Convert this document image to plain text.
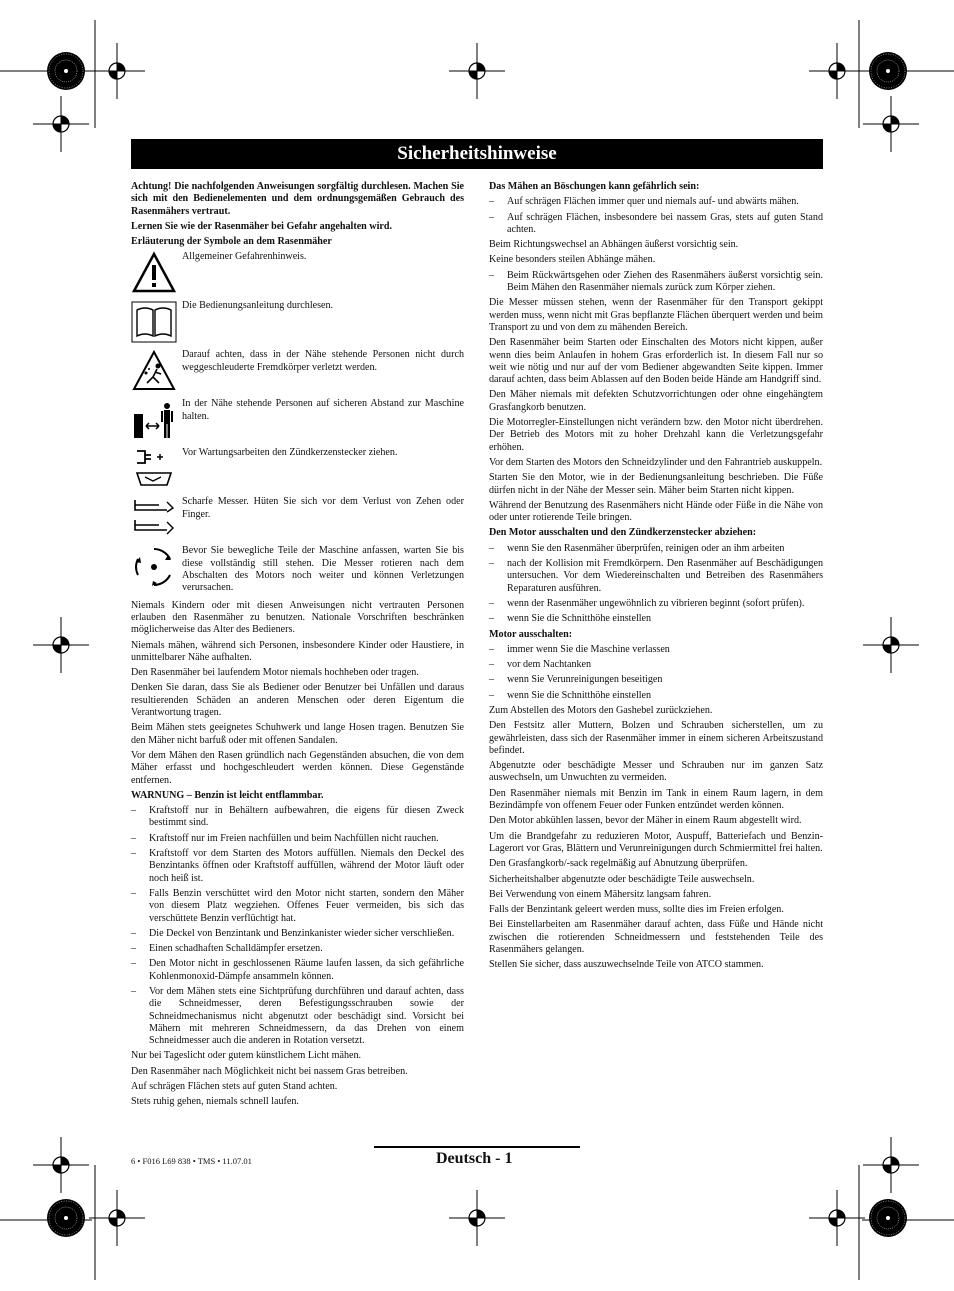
Sicherheitshinweise

Achtung! Die nachfolgenden Anweisungen sorgfältig durchlesen. Machen Sie sich mit den Bedienelementen und dem ordnungsgemäßen Gebrauch des Rasenmähers vertraut.

Lernen Sie wie der Rasenmäher bei Gefahr angehalten wird.

Erläuterung der Symbole an dem Rasenmäher

Allgemeiner Gefahrenhinweis.
Die Bedienungsanleitung durchlesen.
Darauf achten, dass in der Nähe stehende Personen nicht durch weggeschleuderte Fremdkörper verletzt werden.
In der Nähe stehende Personen auf sicheren Abstand zur Maschine halten.
Vor Wartungsarbeiten den Zündkerzenstecker ziehen.
Scharfe Messer. Hüten Sie sich vor dem Verlust von Zehen oder Finger.
Bevor Sie bewegliche Teile der Maschine anfassen, warten Sie bis diese vollständig still stehen. Die Messer rotieren nach dem Abschalten des Motors noch weiter und können Verletzungen verursachen.

Niemals Kindern oder mit diesen Anweisungen nicht vertrauten Personen erlauben den Rasenmäher zu benutzen. Nationale Vorschriften beschränken möglicherweise das Alter des Bedieners.

Niemals mähen, während sich Personen, insbesondere Kinder oder Haustiere, in unmittelbarer Nähe aufhalten.

Den Rasenmäher bei laufendem Motor niemals hochheben oder tragen.

Denken Sie daran, dass Sie als Bediener oder Benutzer bei Unfällen und daraus resultierenden Schäden an anderen Menschen oder deren Eigentum die Verantwortung tragen.

Beim Mähen stets geeignetes Schuhwerk und lange Hosen tragen. Benutzen Sie den Mäher nicht barfuß oder mit offenen Sandalen.

Vor dem Mähen den Rasen gründlich nach Gegenständen absuchen, die von dem Mäher erfasst und hochgeschleudert werden können. Diese Gegenstände entfernen.

WARNUNG – Benzin ist leicht entflammbar.

– Kraftstoff nur in Behältern aufbewahren, die eigens für diesen Zweck bestimmt sind.
– Kraftstoff nur im Freien nachfüllen und beim Nachfüllen nicht rauchen.
– Kraftstoff vor dem Starten des Motors auffüllen. Niemals den Deckel des Benzintanks öffnen oder Kraftstoff auffüllen, während der Motor läuft oder noch heiß ist.
– Falls Benzin verschüttet wird den Motor nicht starten, sondern den Mäher von diesem Platz wegziehen. Offenes Feuer vermeiden, bis sich das verschüttete Benzin verflüchtigt hat.
– Die Deckel von Benzintank und Benzinkanister wieder sicher verschließen.
– Einen schadhaften Schalldämpfer ersetzen.
– Den Motor nicht in geschlossenen Räume laufen lassen, da sich gefährliche Kohlenmonoxid-Dämpfe ansammeln können.
– Vor dem Mähen stets eine Sichtprüfung durchführen und darauf achten, dass die Schneidmesser, deren Befestigungsschrauben sowie der Schneidmechanismus nicht abgenutzt oder beschädigt sind. Vorsicht bei Mähern mit mehreren Schneidmessern, da das Drehen von einem Schneidmesser auch die anderen in Rotation versetzt.

Nur bei Tageslicht oder gutem künstlichem Licht mähen.

Den Rasenmäher nach Möglichkeit nicht bei nassem Gras betreiben.

Auf schrägen Flächen stets auf guten Stand achten.

Stets ruhig gehen, niemals schnell laufen.

Das Mähen an Böschungen kann gefährlich sein:

– Auf schrägen Flächen immer quer und niemals auf- und abwärts mähen.
– Auf schrägen Flächen, insbesondere bei nassem Gras, stets auf guten Stand achten.

Beim Richtungswechsel an Abhängen äußerst vorsichtig sein.

Keine besonders steilen Abhänge mähen.

– Beim Rückwärtsgehen oder Ziehen des Rasenmähers äußerst vorsichtig sein. Beim Mähen den Rasenmäher niemals zurück zum Körper ziehen.

Die Messer müssen stehen, wenn der Rasenmäher für den Transport gekippt werden muss, wenn nicht mit Gras bepflanzte Flächen überquert werden und beim Transport zu und von dem zu mähenden Bereich.

Den Rasenmäher beim Starten oder Einschalten des Motors nicht kippen, außer wenn dies beim Anlaufen in hohem Gras erforderlich ist. In diesem Fall nur so weit wie nötig und nur auf der vom Bediener abgewandten Seite kippen. Immer darauf achten, dass beim Ablassen auf den Boden beide Hände am Handgriff sind.

Den Mäher niemals mit defekten Schutzvorrichtungen oder ohne eingehängtem Grasfangkorb benutzen.

Die Motorregler-Einstellungen nicht verändern bzw. den Motor nicht überdrehen. Der Betrieb des Motors mit zu hoher Drehzahl kann die Verletzungsgefahr erhöhen.

Vor dem Starten des Motors den Schneidzylinder und den Fahrantrieb auskuppeln.

Starten Sie den Motor, wie in der Bedienungsanleitung beschrieben. Die Füße dürfen nicht in der Nähe der Messer sein. Mäher beim Starten nicht kippen.

Während der Benutzung des Rasenmähers nicht Hände oder Füße in die Nähe von oder unter rotierende Teile bringen.

Den Motor ausschalten und den Zündkerzenstecker abziehen:

– wenn Sie den Rasenmäher überprüfen, reinigen oder an ihm arbeiten
– nach der Kollision mit Fremdkörpern. Den Rasenmäher auf Beschädigungen untersuchen. Vor dem Wiedereinschalten und Betreiben des Rasenmähers Reparaturen ausführen.
– wenn der Rasenmäher ungewöhnlich zu vibrieren beginnt (sofort prüfen).
– wenn Sie die Schnitthöhe einstellen

Motor ausschalten:

– immer wenn Sie die Maschine verlassen
– vor dem Nachtanken
– wenn Sie Verunreinigungen beseitigen
– wenn Sie die Schnitthöhe einstellen

Zum Abstellen des Motors den Gashebel zurückziehen.

Den Festsitz aller Muttern, Bolzen und Schrauben sicherstellen, um zu gewährleisten, dass sich der Rasenmäher immer in einem sicheren Arbeitszustand befindet.

Abgenutzte oder beschädigte Messer und Schrauben nur im ganzen Satz auswechseln, um Unwuchten zu vermeiden.

Den Rasenmäher niemals mit Benzin im Tank in einem Raum lagern, in dem Bezindämpfe von offenem Feuer oder Funken entzündet werden können.

Den Motor abkühlen lassen, bevor der Mäher in einem Raum abgestellt wird.

Um die Brandgefahr zu reduzieren Motor, Auspuff, Batteriefach und Benzin-Lagerort vor Gras, Blättern und Verunreinigungen durch Schmiermittel frei halten.

Den Grasfangkorb/-sack regelmäßig auf Abnutzung überprüfen.

Sicherheitshalber abgenutzte oder beschädigte Teile auswechseln.

Bei Verwendung von einem Mähersitz langsam fahren.

Falls der Benzintank geleert werden muss, sollte dies im Freien erfolgen.

Bei Einstellarbeiten am Rasenmäher darauf achten, dass Füße und Hände nicht zwischen die rotierenden Schneidmessern und feststehenden Teile des Rasenmähers gelangen.

Stellen Sie sicher, dass auszuwechselnde Teile von ATCO stammen.

6 • F016 L69 838 • TMS • 11.07.01	Deutsch - 1
